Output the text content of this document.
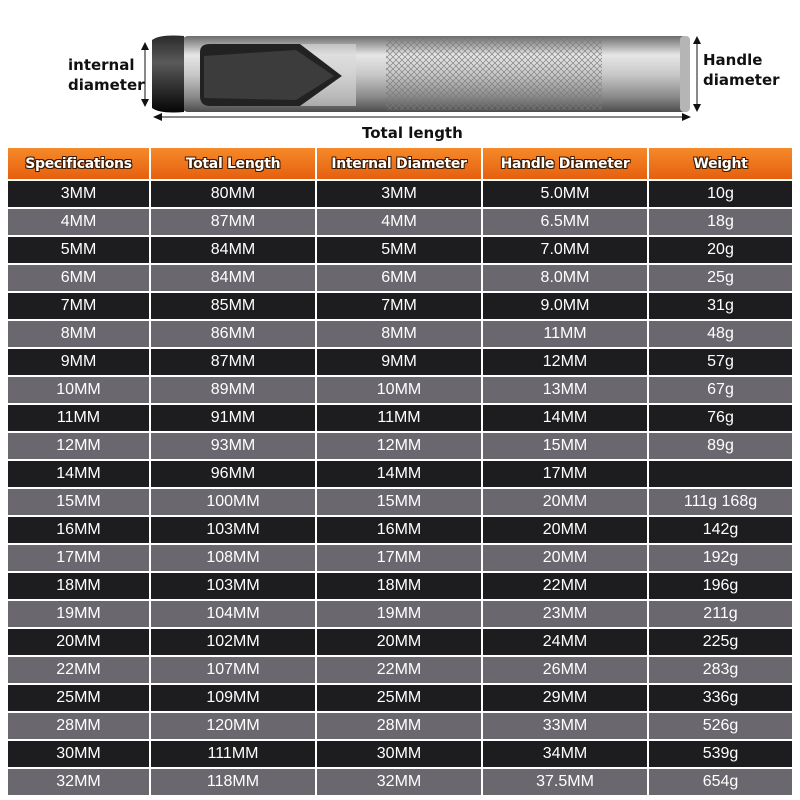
internal
diameter
Handle
diameter
Total length
Specifications	Total Length	Internal Diameter	Handle Diameter	Weight
3MM	80MM	3MM	5.0MM	10g
4MM	87MM	4MM	6.5MM	18g
5MM	84MM	5MM	7.0MM	20g
6MM	84MM	6MM	8.0MM	25g
7MM	85MM	7MM	9.0MM	31g
8MM	86MM	8MM	11MM	48g
9MM	87MM	9MM	12MM	57g
10MM	89MM	10MM	13MM	67g
11MM	91MM	11MM	14MM	76g
12MM	93MM	12MM	15MM	89g
14MM	96MM	14MM	17MM	
15MM	100MM	15MM	20MM	111g 168g
16MM	103MM	16MM	20MM	142g
17MM	108MM	17MM	20MM	192g
18MM	103MM	18MM	22MM	196g
19MM	104MM	19MM	23MM	211g
20MM	102MM	20MM	24MM	225g
22MM	107MM	22MM	26MM	283g
25MM	109MM	25MM	29MM	336g
28MM	120MM	28MM	33MM	526g
30MM	111MM	30MM	34MM	539g
32MM	118MM	32MM	37.5MM	654g
